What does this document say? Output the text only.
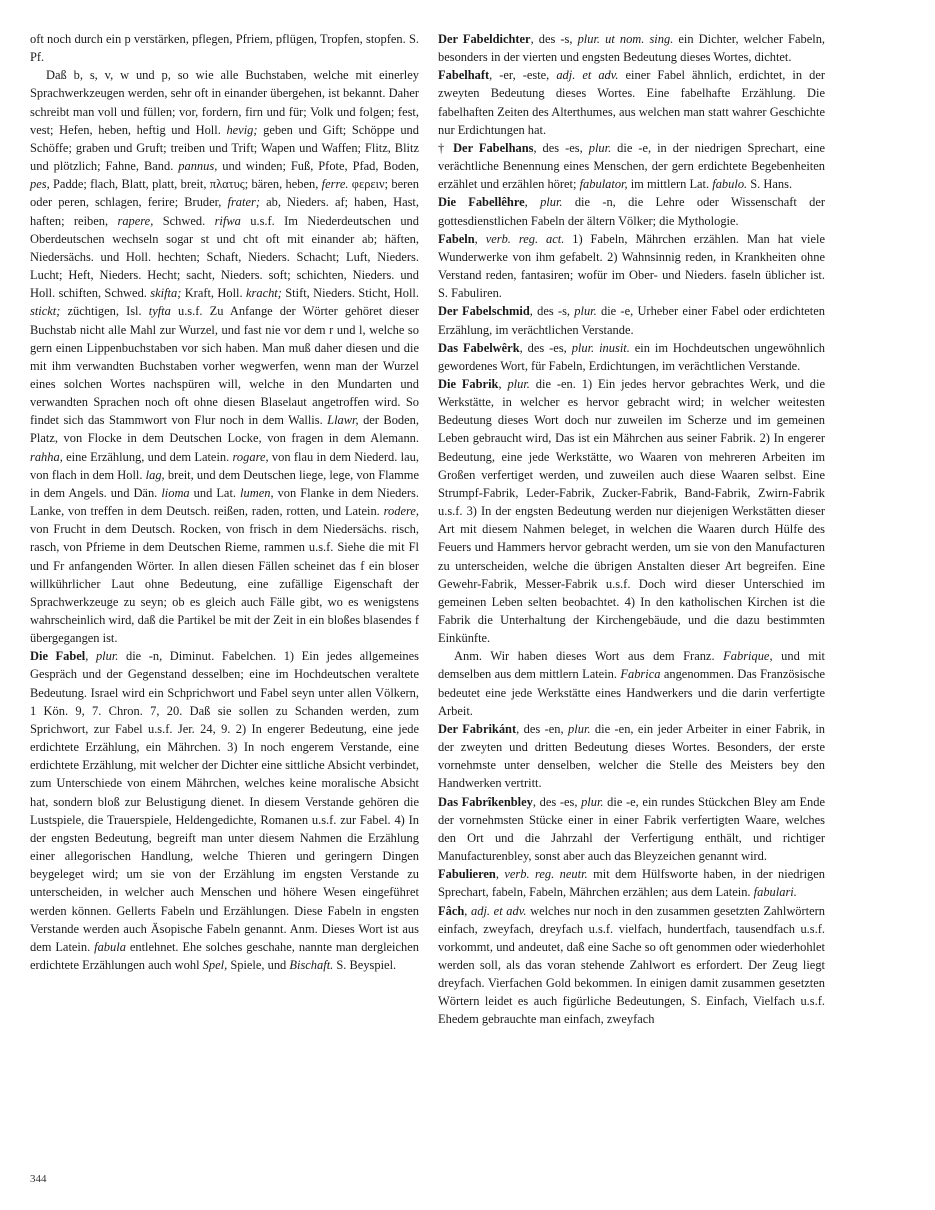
oft noch durch ein p verstärken, pflegen, Pfriem, pflügen, Tropfen, stopfen. S. Pf.

Daß b, s, v, w und p, so wie alle Buchstaben, welche mit einerley Sprachwerkzeugen werden, sehr oft in einander übergehen, ist bekannt. Daher schreibt man voll und füllen; vor, fordern, firn und für; Volk und folgen; fest, vest; Hefen, heben, heftig und Holl. hevig; geben und Gift; Schöppe und Schöffe; graben und Gruft; treiben und Trift; Wapen und Waffen; Flitz, Blitz und plötzlich; Fahne, Band. pannus, und winden; Fuß, Pfote, Pfad, Boden, pes, Padde; flach, Blatt, platt, breit, πλατυς; bären, heben, ferre. φερειν; beren oder peren, schlagen, ferire; Bruder, frater; ab, Nieders. af; haben, Hast, haften; reiben, rapere, Schwed. rifwa u.s.f. Im Niederdeutschen und Oberdeutschen wechseln sogar st und cht oft mit einander ab; häften, Niedersächs. und Holl. hechten; Schaft, Nieders. Schacht; Luft, Nieders. Lucht; Heft, Nieders. Hecht; sacht, Nieders. soft; schichten, Nieders. und Holl. schiften, Schwed. skifta; Kraft, Holl. kracht; Stift, Nieders. Sticht, Holl. stickt; züchtigen, Isl. tyfta u.s.f. Zu Anfange der Wörter gehöret dieser Buchstab nicht alle Mahl zur Wurzel, und fast nie vor dem r und l, welche so gern einen Lippenbuchstaben vor sich haben. Man muß daher diesen und die mit ihm verwandten Buchstaben vorher wegwerfen, wenn man der Wurzel eines solchen Wortes nachspüren will, welche in den Mundarten und verwandten Sprachen noch oft ohne diesen Blaselaut angetroffen wird. So findet sich das Stammwort von Flur noch in dem Wallis. Llawr, der Boden, Platz, von Flocke in dem Deutschen Locke, von fragen in dem Alemann. rahha, eine Erzählung, und dem Latein. rogare, von flau in dem Niederd. lau, von flach in dem Holl. lag, breit, und dem Deutschen liege, lege, von Flamme in dem Angels. und Dän. lioma und Lat. lumen, von Flanke in dem Nieders. Lanke, von treffen in dem Deutsch. reißen, raden, rotten, und Latein. rodere, von Frucht in dem Deutsch. Rocken, von frisch in dem Niedersächs. risch, rasch, von Pfrieme in dem Deutschen Rieme, rammen u.s.f. Siehe die mit Fl und Fr anfangenden Wörter. In allen diesen Fällen scheinet das f ein bloser willkührlicher Laut ohne Bedeutung, eine zufällige Eigenschaft der Sprachwerkzeuge zu seyn; ob es gleich auch Fälle gibt, wo es wenigstens wahrscheinlich wird, daß die Partikel be mit der Zeit in ein bloßes blasendes f übergegangen ist.

Die Fabel, plur. die -n, Diminut. Fabelchen. 1) Ein jedes allgemeines Gespräch und der Gegenstand desselben; eine im Hochdeutschen veraltete Bedeutung. Israel wird ein Schprichwort und Fabel seyn unter allen Völkern, 1 Kön. 9, 7. Chron. 7, 20. Daß sie sollen zu Schanden werden, zum Sprichwort, zur Fabel u.s.f. Jer. 24, 9. 2) In engerer Bedeutung, eine jede erdichtete Erzählung, ein Mährchen. 3) In noch engerem Verstande, eine erdichtete Erzählung, mit welcher der Dichter eine sittliche Absicht verbindet, zum Unterschiede von einem Mährchen, welches keine moralische Absicht hat, sondern bloß zur Belustigung dienet. In diesem Verstande gehören die Lustspiele, die Trauerspiele, Heldengedichte, Romanen u.s.f. zur Fabel. 4) In der engsten Bedeutung, begreift man unter diesem Nahmen die Erzählung einer allegorischen Handlung, welche Thieren und geringern Dingen beygeleget wird; um sie von der Erzählung im engsten Verstande zu unterscheiden, in welcher auch Menschen und höhere Wesen eingeführet werden können. Gellerts Fabeln und Erzählungen. Diese Fabeln in engsten Verstande werden auch Äsopische Fabeln genannt. Anm. Dieses Wort ist aus dem Latein. fabula entlehnet. Ehe solches geschahe, nannte man dergleichen erdichtete Erzählungen auch wohl Spel, Spiele, und Bischaft. S. Beyspiel.

Der Fabeldichter, des -s, plur. ut nom. sing. ein Dichter, welcher Fabeln, besonders in der vierten und engsten Bedeutung dieses Wortes, dichtet.

Fabelhaft, -er, -este, adj. et adv. einer Fabel ähnlich, erdichtet, in der zweyten Bedeutung dieses Wortes. Eine fabelhafte Erzählung. Die fabelhaften Zeiten des Alterthumes, aus welchen man statt wahrer Geschichte nur Erdichtungen hat.

† Der Fabelhans, des -es, plur. die -e, in der niedrigen Sprechart, eine verächtliche Benennung eines Menschen, der gern erdichtete Begebenheiten erzählet und erzählen höret; fabulator, im mittlern Lat. fabulo. S. Hans.

Die Fabellêhre, plur. die -n, die Lehre oder Wissenschaft der gottesdienstlichen Fabeln der ältern Völker; die Mythologie.

Fabeln, verb. reg. act. 1) Fabeln, Mährchen erzählen. Man hat viele Wunderwerke von ihm gefabelt. 2) Wahnsinnig reden, in Krankheiten ohne Verstand reden, fantasiren; wofür im Ober- und Nieders. faseln üblicher ist. S. Fabuliren.

Der Fabelschmid, des -s, plur. die -e, Urheber einer Fabel oder erdichteten Erzählung, im verächtlichen Verstande.

Das Fabelwêrk, des -es, plur. inusit. ein im Hochdeutschen ungewöhnlich gewordenes Wort, für Fabeln, Erdichtungen, im verächtlichen Verstande.

Die Fabrik, plur. die -en. 1) Ein jedes hervor gebrachtes Werk, und die Werkstätte, in welcher es hervor gebracht wird; in welcher weitesten Bedeutung dieses Wort doch nur zuweilen im Scherze und im gemeinen Leben gebraucht wird, Das ist ein Mährchen aus seiner Fabrik. 2) In engerer Bedeutung, eine jede Werkstätte, wo Waaren von mehreren Arbeiten im Großen verfertiget werden, und zuweilen auch diese Waaren selbst. Eine Strumpf-Fabrik, Leder-Fabrik, Zucker-Fabrik, Band-Fabrik, Zwirn-Fabrik u.s.f. 3) In der engsten Bedeutung werden nur diejenigen Werkstätten dieser Art mit diesem Nahmen beleget, in welchen die Waaren durch Hülfe des Feuers und Hammers hervor gebracht werden, um sie von den Manufacturen zu unterscheiden, welche die übrigen Anstalten dieser Art begreifen. Eine Gewehr-Fabrik, Messer-Fabrik u.s.f. Doch wird dieser Unterschied im gemeinen Leben selten beobachtet. 4) In den katholischen Kirchen ist die Fabrik die Unterhaltung der Kirchengebäude, und die dazu bestimmten Einkünfte.

Anm. Wir haben dieses Wort aus dem Franz. Fabrique, und mit demselben aus dem mittlern Latein. Fabrica angenommen. Das Französische bedeutet eine jede Werkstätte eines Handwerkers und die darin verfertigte Arbeit.

Der Fabrikánt, des -en, plur. die -en, ein jeder Arbeiter in einer Fabrik, in der zweyten und dritten Bedeutung dieses Wortes. Besonders, der erste vornehmste unter denselben, welcher die Stelle des Meisters bey den Handwerken vertritt.

Das Fabrîkenbley, des -es, plur. die -e, ein rundes Stückchen Bley am Ende der vornehmsten Stücke einer in einer Fabrik verfertigten Waare, welches den Ort und die Jahrzahl der Verfertigung enthält, und richtiger Manufacturenbley, sonst aber auch das Bleyzeichen genannt wird.

Fabulieren, verb. reg. neutr. mit dem Hülfsworte haben, in der niedrigen Sprechart, fabeln, Fabeln, Mährchen erzählen; aus dem Latein. fabulari.

Fâch, adj. et adv. welches nur noch in den zusammen gesetzten Zahlwörtern einfach, zweyfach, dreyfach u.s.f. vielfach, hundertfach, tausendfach u.s.f. vorkommt, und andeutet, daß eine Sache so oft genommen oder wiederhohlet werden soll, als das voran stehende Zahlwort es erfordert. Der Zeug liegt dreyfach. Vierfachen Gold bekommen. In einigen damit zusammen gesetzten Wörtern leidet es auch figürliche Bedeutungen, S. Einfach, Vielfach u.s.f. Ehedem gebrauchte man einfach, zweyfach

344
